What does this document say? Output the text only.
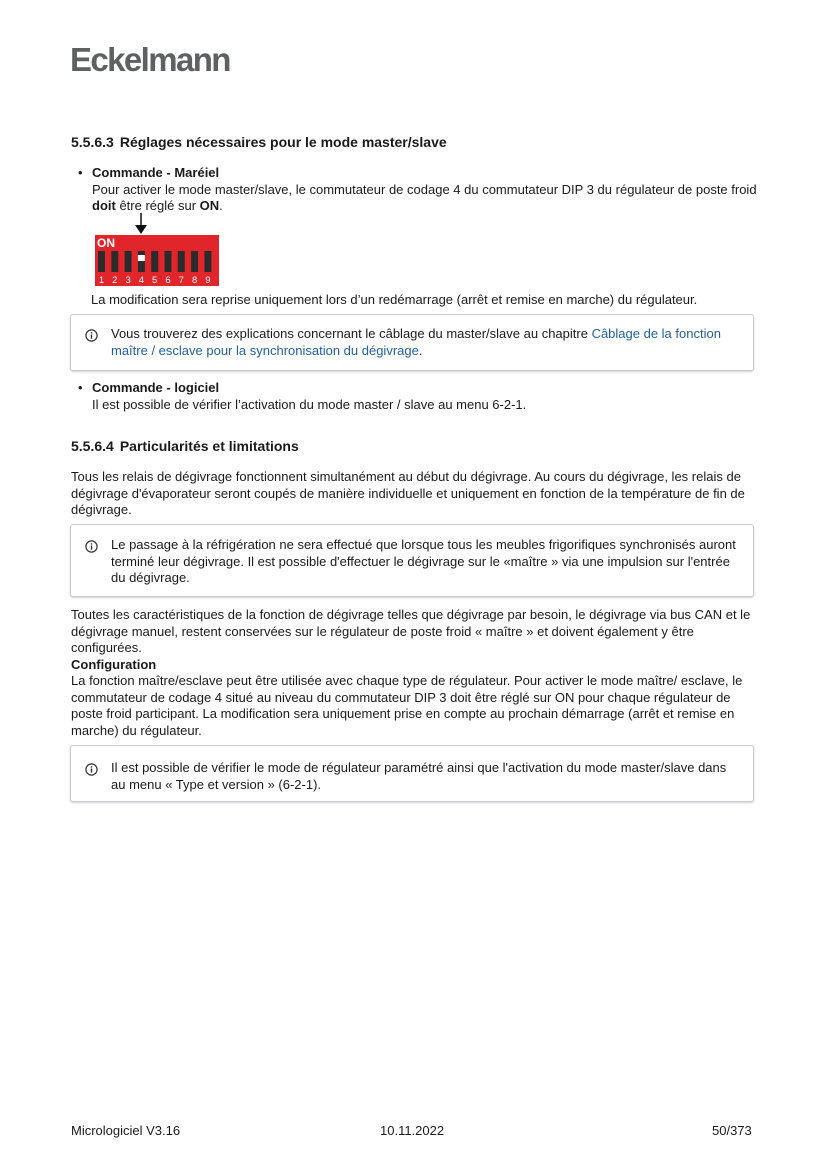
Eckelmann
5.5.6.3 Réglages nécessaires pour le mode master/slave
• Commande - Maréiel
Pour activer le mode master/slave, le commutateur de codage 4 du commutateur DIP 3 du régulateur de poste froid doit être réglé sur ON.
ON
1 2 3 4 5 6 7 8 9
La modification sera reprise uniquement lors d’un redémarrage (arrêt et remise en marche) du régulateur.
Vous trouverez des explications concernant le câblage du master/slave au chapitre Câblage de la fonction maître / esclave pour la synchronisation du dégivrage.
• Commande - logiciel
Il est possible de vérifier l’activation du mode master / slave au menu 6-2-1.
5.5.6.4 Particularités et limitations
Tous les relais de dégivrage fonctionnent simultanément au début du dégivrage. Au cours du dégivrage, les relais de dégivrage d'évaporateur seront coupés de manière individuelle et uniquement en fonction de la température de fin de dégivrage.
Le passage à la réfrigération ne sera effectué que lorsque tous les meubles frigorifiques synchronisés auront terminé leur dégivrage. Il est possible d'effectuer le dégivrage sur le «maître » via une impulsion sur l'entrée du dégivrage.
Toutes les caractéristiques de la fonction de dégivrage telles que dégivrage par besoin, le dégivrage via bus CAN et le dégivrage manuel, restent conservées sur le régulateur de poste froid « maître » et doivent également y être configurées.
Configuration
La fonction maître/esclave peut être utilisée avec chaque type de régulateur. Pour activer le mode maître/ esclave, le commutateur de codage 4 situé au niveau du commutateur DIP 3 doit être réglé sur ON pour chaque régulateur de poste froid participant. La modification sera uniquement prise en compte au prochain démarrage (arrêt et remise en marche) du régulateur.
Il est possible de vérifier le mode de régulateur paramétré ainsi que l'activation du mode master/slave dans au menu « Type et version » (6-2-1).
Micrologiciel V3.16	10.11.2022	50/373
